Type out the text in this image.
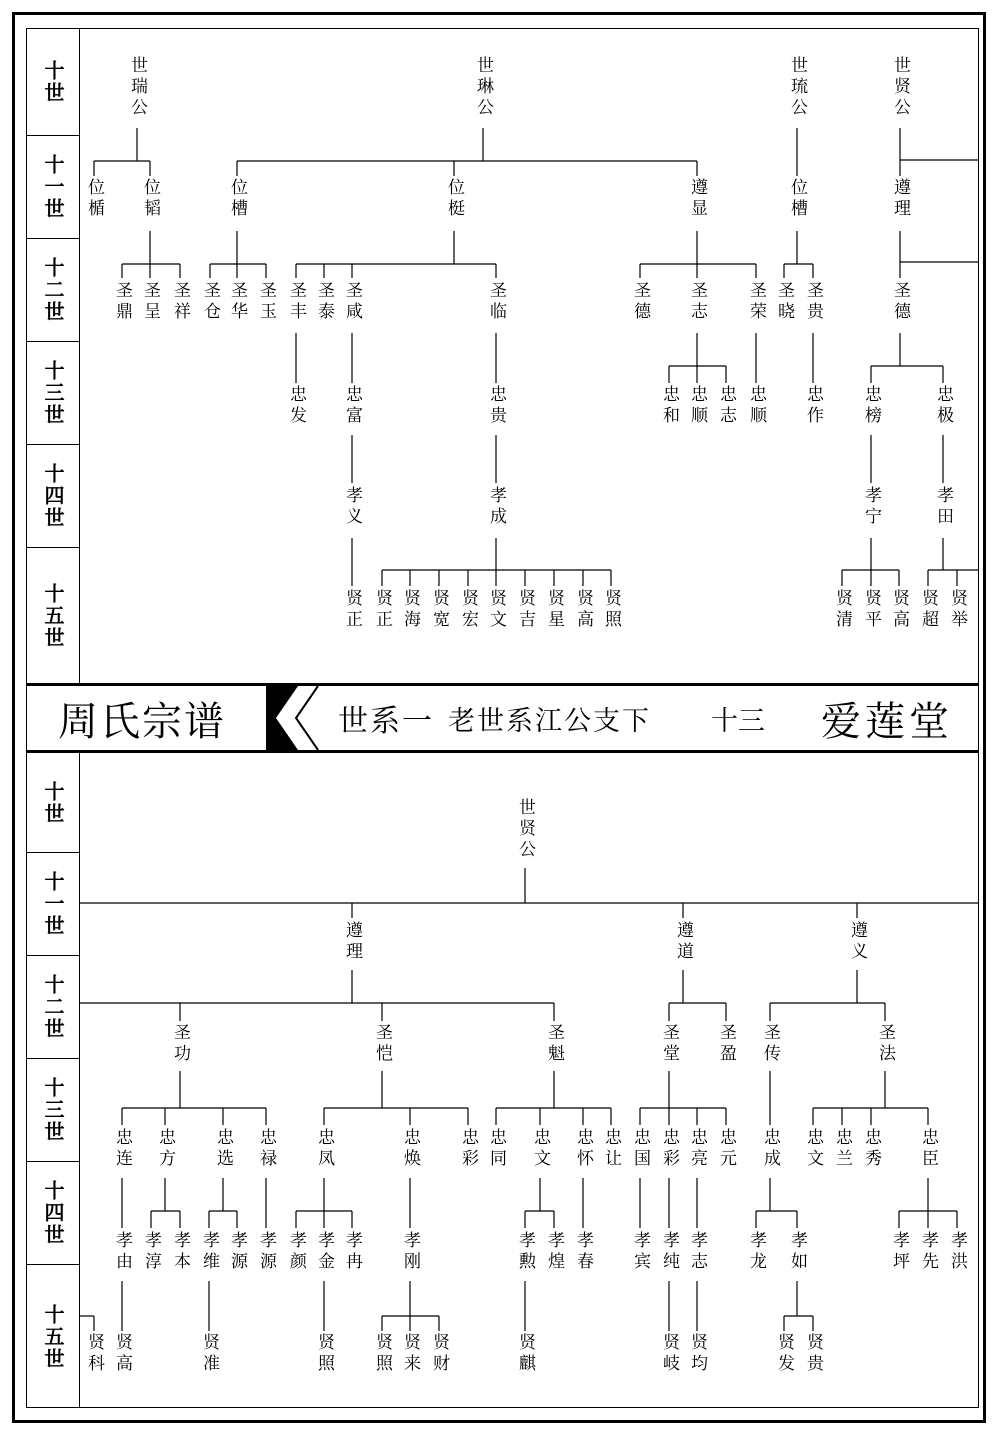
十世
十一世
十二世
十三世
十四世
十五世
十世
十一世
十二世
十三世
十四世
十五世
世瑞公	世琳公	世琉公	世贤公
位楯 位韬	位槽	位梃	遵显	位槽	遵理
圣鼎 圣呈 圣祥 圣仓 圣华 圣玉 圣丰 圣泰 圣咸	圣临	圣德 圣志 圣荣 圣晓 圣贵	圣德
忠发 忠富	忠贵	忠和 忠顺 忠志 忠顺 忠作 忠榜	忠极
孝义	孝成	孝宁	孝田
贤正 贤正 贤海 贤宽 贤宏 贤文 贤吉 贤星 贤高 贤照	贤清 贤平 贤高 贤超 贤举
周氏宗谱	世系一 老世系江公支下 十三 爱莲堂
世贤公
遵理	遵道	遵义
圣功	圣恺	圣魁	圣堂 圣盈 圣传	圣法
忠连 忠方 忠选 忠禄 忠凤	忠焕 忠彩 忠同 忠文 忠怀 忠让 忠国 忠彩 忠亮 忠元 忠成 忠文 忠兰 忠秀 忠臣
孝由 孝淳 孝本 孝维 孝源 孝源 孝颜 孝金 孝冉 孝刚	孝勲 孝煌 孝春 孝宾 孝纯 孝志 孝龙 孝如	孝坪 孝先 孝洪
贤科 贤高	贤准	贤照 贤照 贤来 贤财	贤麒	贤岐 贤均	贤发 贤贵
